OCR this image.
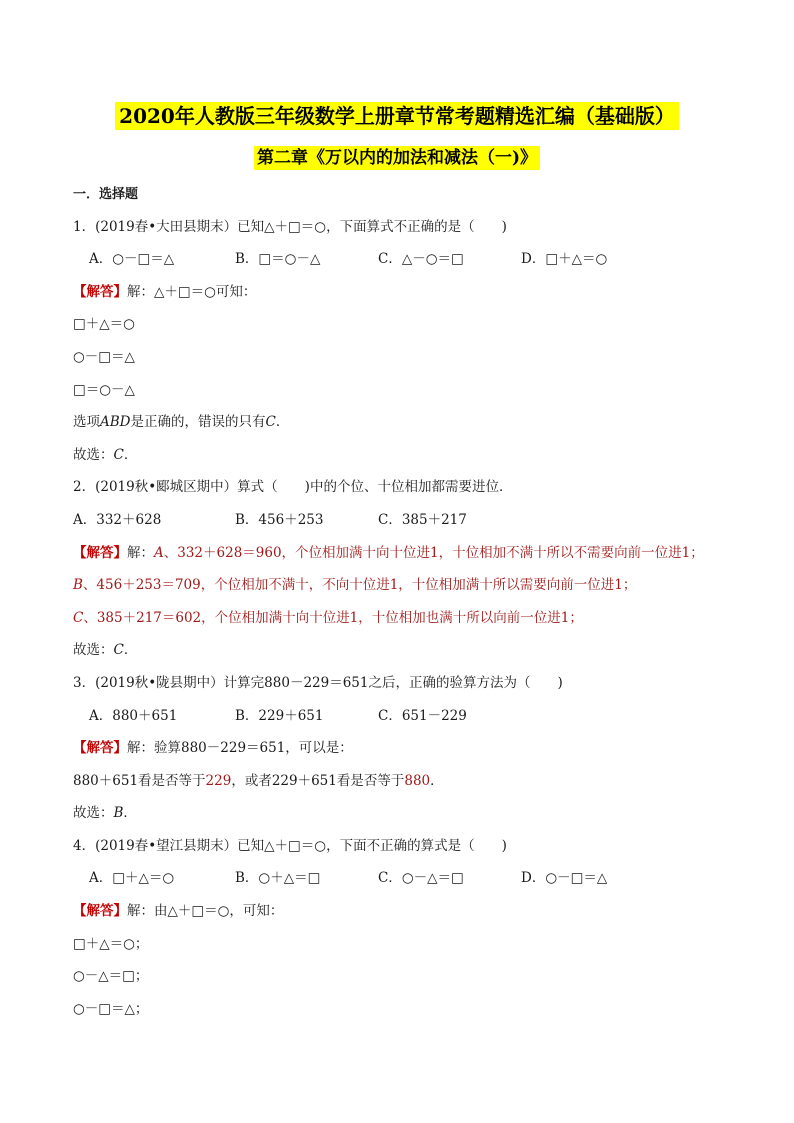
2020年人教版三年级数学上册章节常考题精选汇编（基础版）
第二章《万以内的加法和减法（一)》
一．选择题
1．(2019春•大田县期末）已知△＋□＝○，下面算式不正确的是（　　)
A．○－□＝△	B．□＝○－△	C．△－○＝□	D．□＋△＝○
【解答】解：△＋□＝○可知：
□＋△＝○
○－□＝△
□＝○－△
选项ABD是正确的，错误的只有C．
故选：C．
2．(2019秋•郾城区期中）算式（　　)中的个位、十位相加都需要进位．
A．332＋628	B．456＋253	C．385＋217
【解答】解：A、332＋628＝960，个位相加满十向十位进1，十位相加不满十所以不需要向前一位进1；
B、456＋253＝709，个位相加不满十，不向十位进1，十位相加满十所以需要向前一位进1；
C、385＋217＝602，个位相加满十向十位进1，十位相加也满十所以向前一位进1；
故选：C．
3．(2019秋•陇县期中）计算完880－229＝651之后，正确的验算方法为（　　)
A．880＋651	B．229＋651	C．651－229
【解答】解：验算880－229＝651，可以是：
880＋651看是否等于229，或者229＋651看是否等于880．
故选：B．
4．(2019春•望江县期末）已知△＋□＝○，下面不正确的算式是（　　)
A．□＋△＝○	B．○＋△＝□	C．○－△＝□	D．○－□＝△
【解答】解：由△＋□＝○，可知：
□＋△＝○；
○－△＝□；
○－□＝△；
